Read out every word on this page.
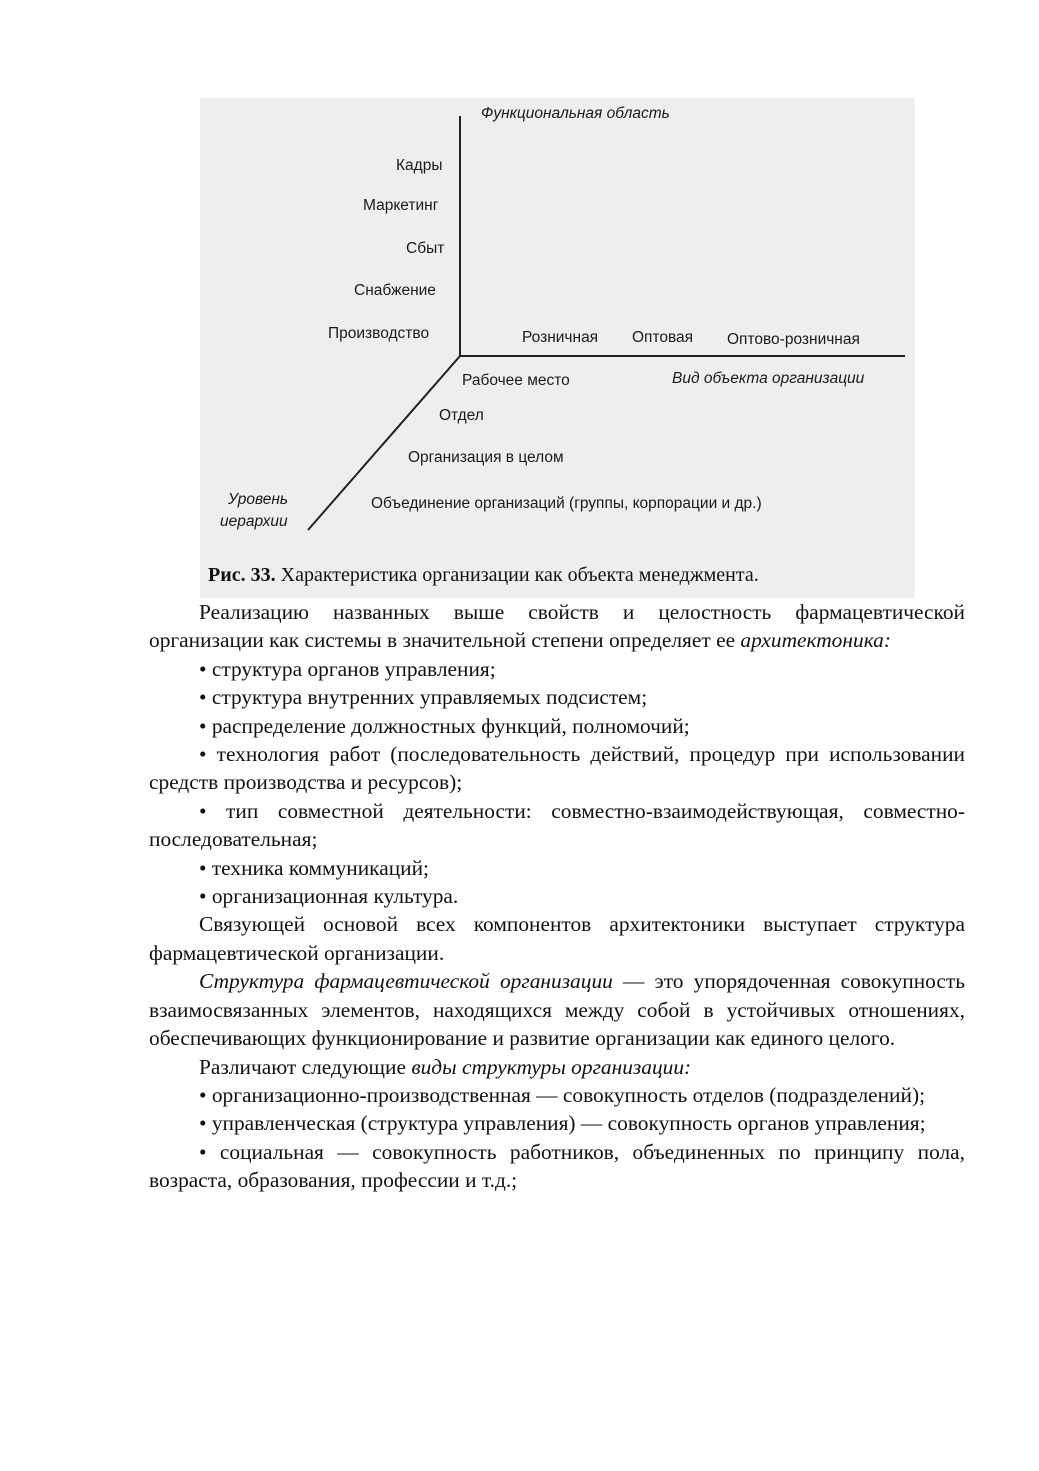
Функциональная область
Кадры
Маркетинг
Сбыт
Снабжение
Производство	Розничная Оптовая Оптово-розничная
Вид объекта организации
Рабочее место
Отдел
Организация в целом
Объединение организаций (группы, корпорации и др.)
Уровень
иерархии
Рис. 33. Характеристика организации как объекта менеджмента.

Реализацию названных выше свойств и целостность фармацевтической организации как системы в значительной степени определяет ее архитектоника:

• структура органов управления;

• структура внутренних управляемых подсистем;

• распределение должностных функций, полномочий;

• технология работ (последовательность действий, процедур при использовании средств производства и ресурсов);

• тип совместной деятельности: совместно-взаимодействующая, совместно-последовательная;

• техника коммуникаций;

• организационная культура.

Связующей основой всех компонентов архитектоники выступает структура фармацевтической организации.

Структура фармацевтической организации — это упорядоченная совокупность взаимосвязанных элементов, находящихся между собой в устойчивых отношениях, обеспечивающих функционирование и развитие организации как единого целого.

Различают следующие виды структуры организации:

• организационно-производственная — совокупность отделов (подразделений);

• управленческая (структура управления) — совокупность органов управления;

• социальная — совокупность работников, объединенных по принципу пола, возраста, образования, профессии и т.д.;
